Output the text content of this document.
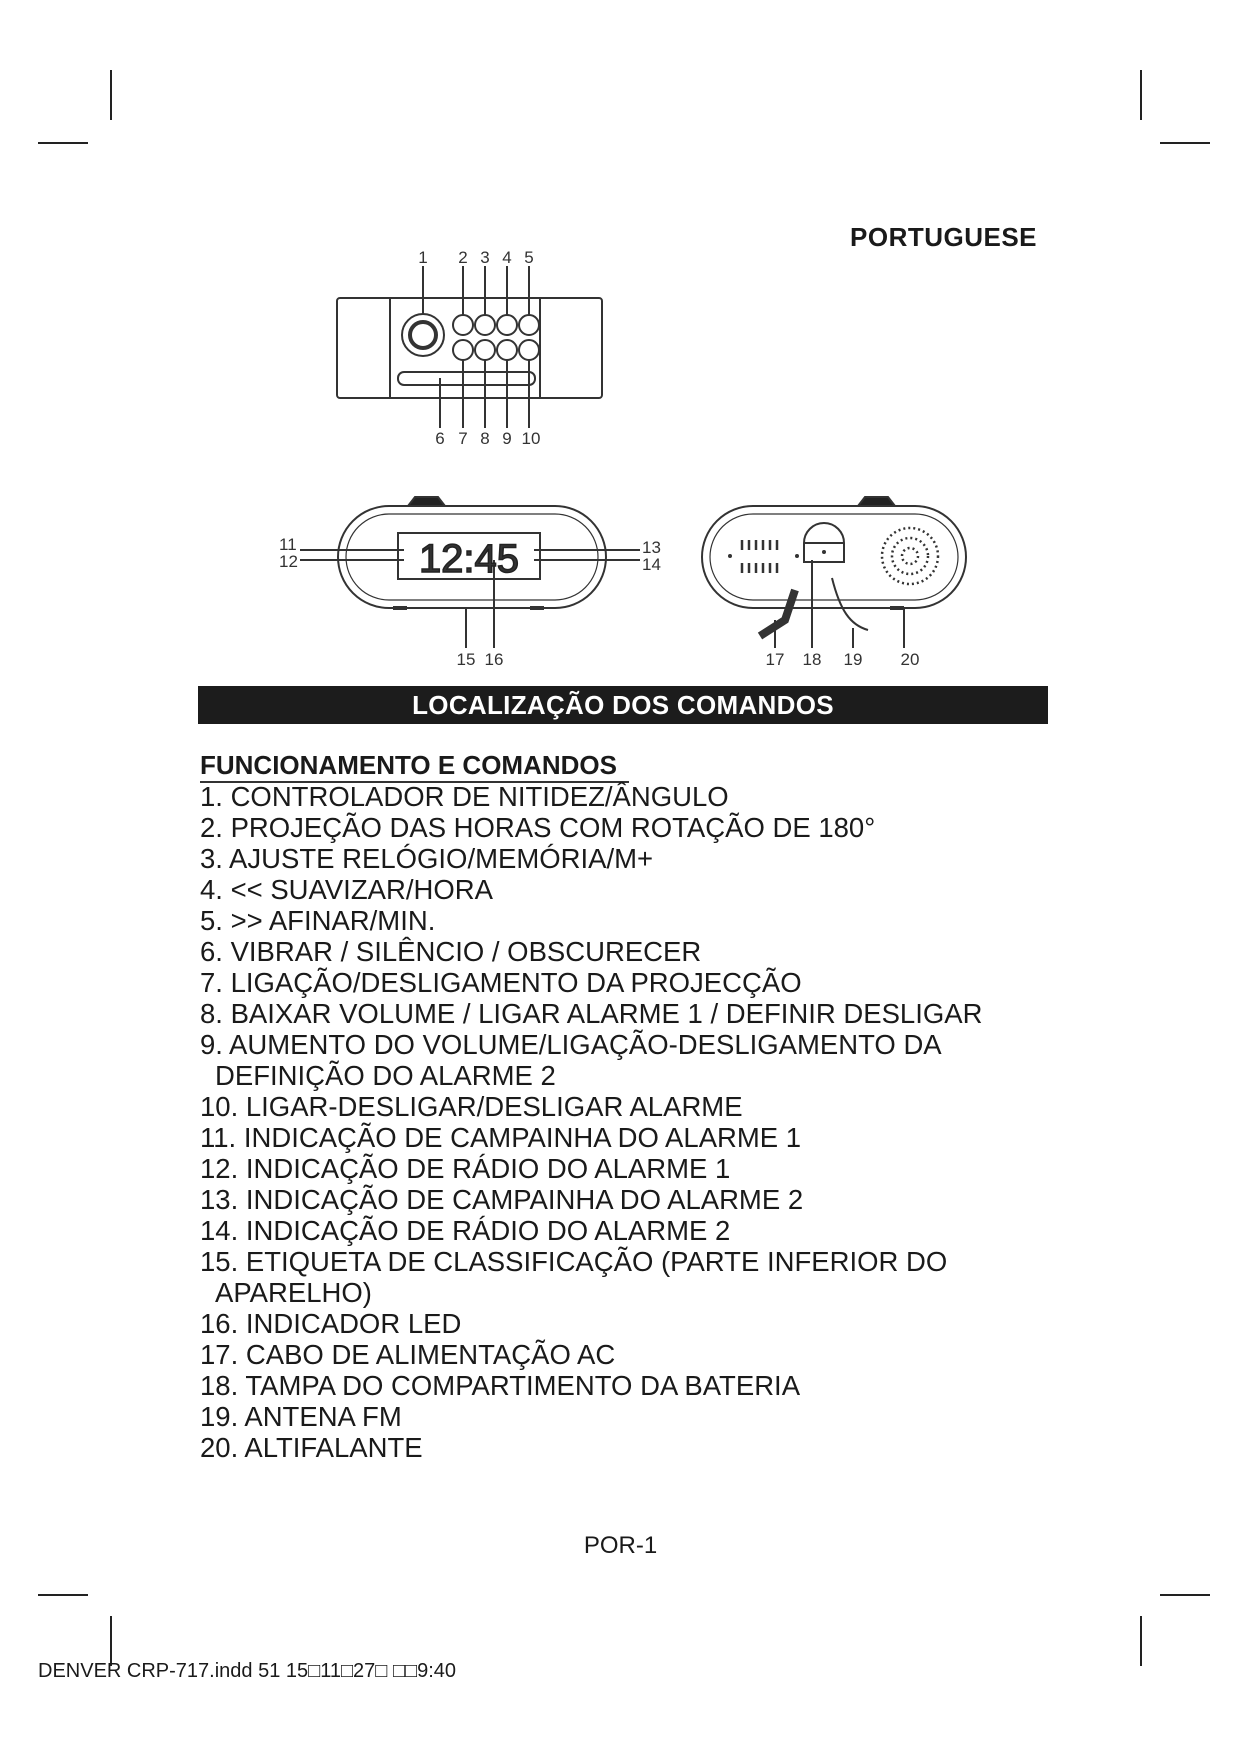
PORTUGUESE
1 2 3 4 5
6 7 8 9 10
11
12
13
14
15 16	17 18 19 20
12:45
LOCALIZAÇÃO DOS COMANDOS
FUNCIONAMENTO E COMANDOS
1. CONTROLADOR DE NITIDEZ/ÂNGULO
2. PROJEÇÃO DAS HORAS COM ROTAÇÃO DE 180°
3. AJUSTE RELÓGIO/MEMÓRIA/M+
4. << SUAVIZAR/HORA
5. >> AFINAR/MIN.
6. VIBRAR / SILÊNCIO / OBSCURECER
7. LIGAÇÃO/DESLIGAMENTO DA PROJECÇÃO
8. BAIXAR VOLUME / LIGAR ALARME 1 / DEFINIR DESLIGAR
9. AUMENTO DO VOLUME/LIGAÇÃO-DESLIGAMENTO DA
DEFINIÇÃO DO ALARME 2
10. LIGAR-DESLIGAR/DESLIGAR ALARME
11. INDICAÇÃO DE CAMPAINHA DO ALARME 1
12. INDICAÇÃO DE RÁDIO DO ALARME 1
13. INDICAÇÃO DE CAMPAINHA DO ALARME 2
14. INDICAÇÃO DE RÁDIO DO ALARME 2
15. ETIQUETA DE CLASSIFICAÇÃO (PARTE INFERIOR DO
APARELHO)
16. INDICADOR LED
17. CABO DE ALIMENTAÇÃO AC
18. TAMPA DO COMPARTIMENTO DA BATERIA
19. ANTENA FM
20. ALTIFALANTE
POR-1
DENVER CRP-717.indd 51 15□11□27□ □□9:40
